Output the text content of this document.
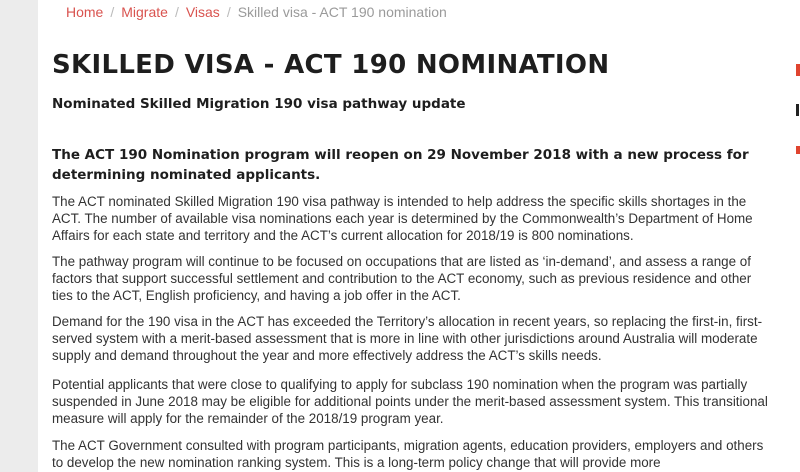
Home / Migrate / Visas / Skilled visa - ACT 190 nomination
SKILLED VISA - ACT 190 NOMINATION
Nominated Skilled Migration 190 visa pathway update

The ACT 190 Nomination program will reopen on 29 November 2018 with a new process for determining nominated applicants.

The ACT nominated Skilled Migration 190 visa pathway is intended to help address the specific skills shortages in the ACT. The number of available visa nominations each year is determined by the Commonwealth’s Department of Home Affairs for each state and territory and the ACT’s current allocation for 2018/19 is 800 nominations.

The pathway program will continue to be focused on occupations that are listed as ‘in-demand’, and assess a range of factors that support successful settlement and contribution to the ACT economy, such as previous residence and other ties to the ACT, English proficiency, and having a job offer in the ACT.

Demand for the 190 visa in the ACT has exceeded the Territory’s allocation in recent years, so replacing the first-in, first-served system with a merit-based assessment that is more in line with other jurisdictions around Australia will moderate supply and demand throughout the year and more effectively address the ACT’s skills needs.

Potential applicants that were close to qualifying to apply for subclass 190 nomination when the program was partially suspended in June 2018 may be eligible for additional points under the merit-based assessment system. This transitional measure will apply for the remainder of the 2018/19 program year.

The ACT Government consulted with program participants, migration agents, education providers, employers and others to develop the new nomination ranking system. This is a long-term policy change that will provide more
